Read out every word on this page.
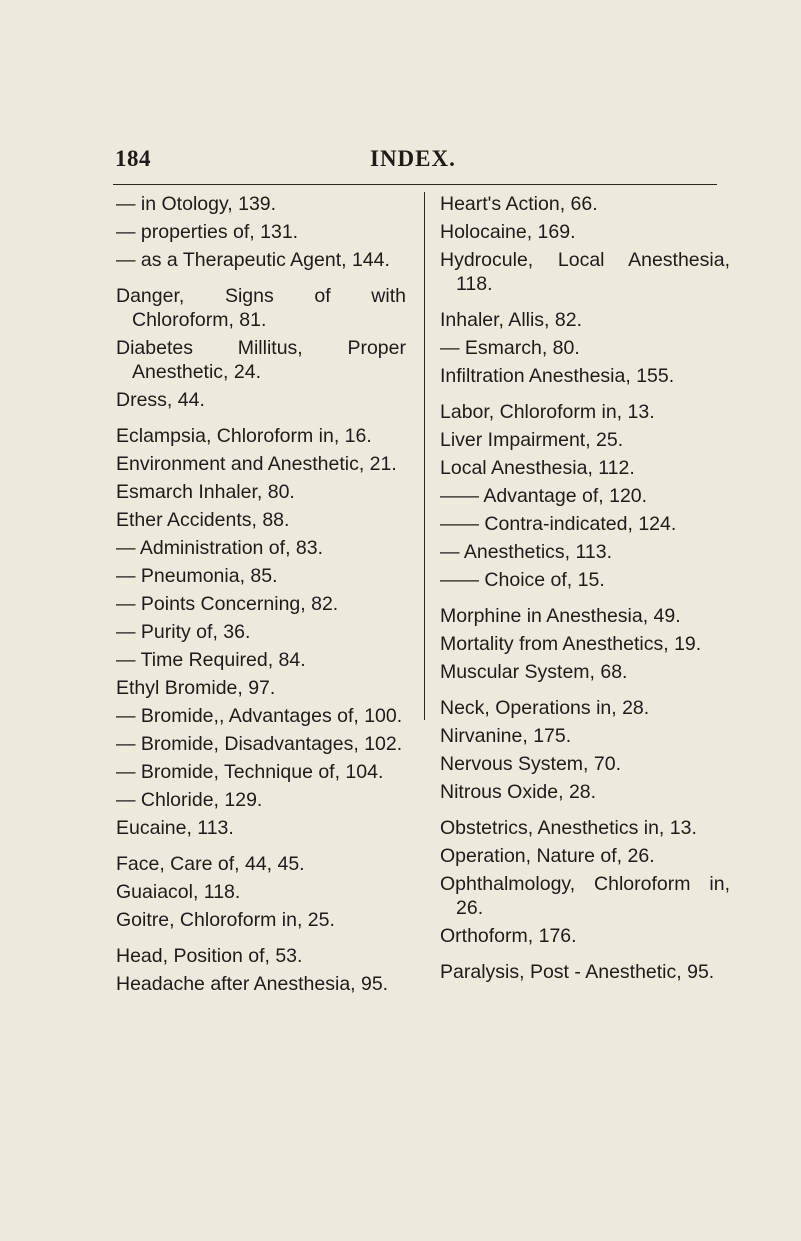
184	INDEX.

— in Otology, 139.

— properties of, 131.

— as a Therapeutic Agent, 144.

Danger, Signs of with Chloroform, 81.

Diabetes Millitus, Proper Anesthetic, 24.

Dress, 44.

Eclampsia, Chloroform in, 16.

Environment and Anesthetic, 21.

Esmarch Inhaler, 80.

Ether Accidents, 88.

— Administration of, 83.

— Pneumonia, 85.

— Points Concerning, 82.

— Purity of, 36.

— Time Required, 84.

Ethyl Bromide, 97.

— Bromide,, Advantages of, 100.

— Bromide, Disadvantages, 102.

— Bromide, Technique of, 104.

— Chloride, 129.

Eucaine, 113.

Face, Care of, 44, 45.

Guaiacol, 118.

Goitre, Chloroform in, 25.

Head, Position of, 53.

Headache after Anesthesia, 95.

Heart's Action, 66.

Holocaine, 169.

Hydrocule, Local Anesthesia, 118.

Inhaler, Allis, 82.

— Esmarch, 80.

Infiltration Anesthesia, 155.

Labor, Chloroform in, 13.

Liver Impairment, 25.

Local Anesthesia, 112.

—— Advantage of, 120.

—— Contra-indicated, 124.

— Anesthetics, 113.

—— Choice of, 15.

Morphine in Anesthesia, 49.

Mortality from Anesthetics, 19.

Muscular System, 68.

Neck, Operations in, 28.

Nirvanine, 175.

Nervous System, 70.

Nitrous Oxide, 28.

Obstetrics, Anesthetics in, 13.

Operation, Nature of, 26.

Ophthalmology, Chloroform in, 26.

Orthoform, 176.

Paralysis, Post - Anesthetic, 95.
